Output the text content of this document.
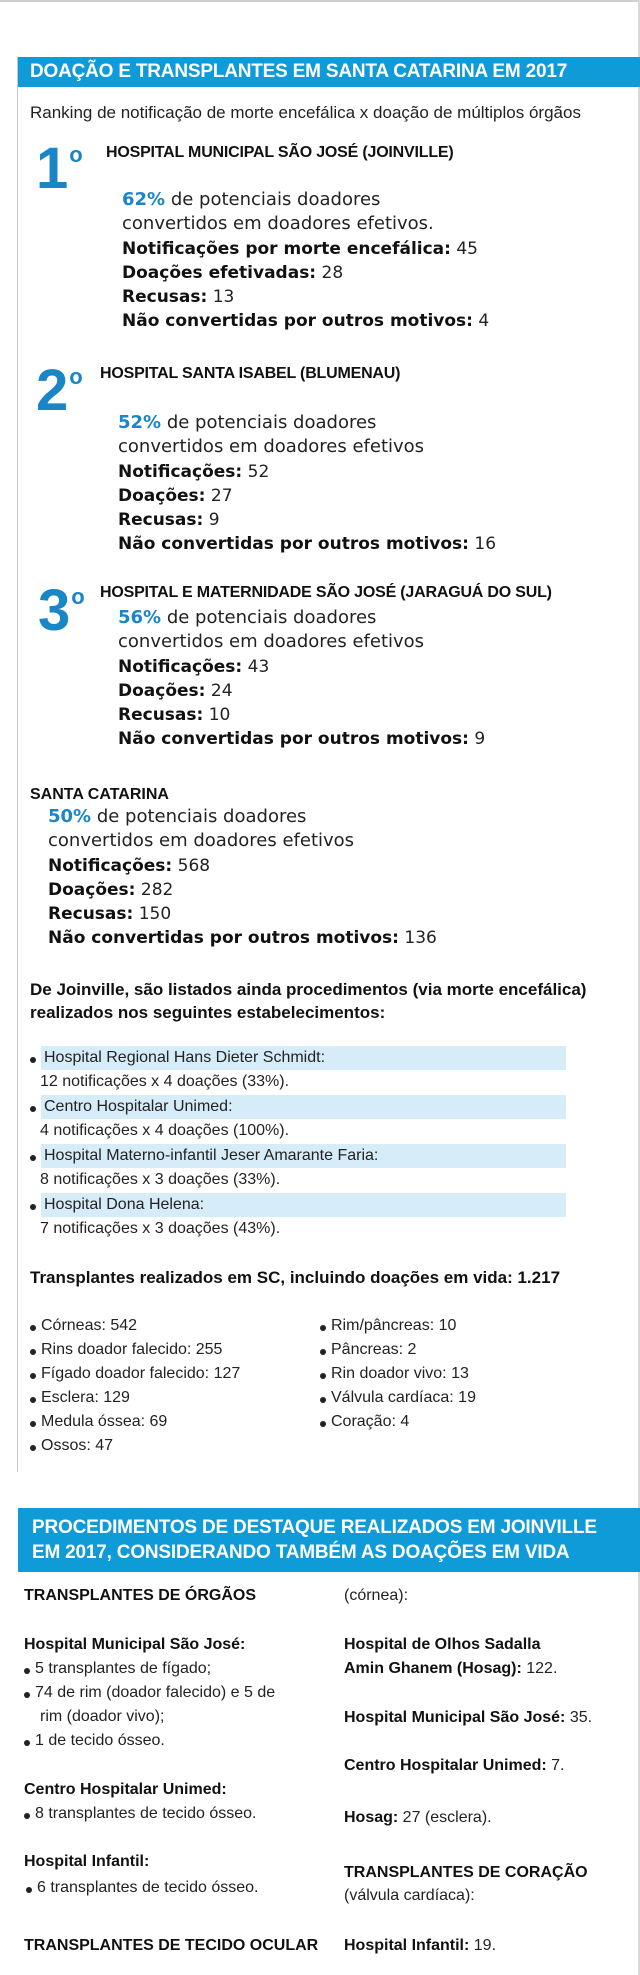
DOAÇÃO E TRANSPLANTES EM SANTA CATARINA EM 2017
Ranking de notificação de morte encefálica x doação de múltiplos órgãos
1 $^o$ HOSPITAL MUNICIPAL SÃO JOSÉ (JOINVILLE)
62% de potenciais doadores
convertidos em doadores efetivos.
Notificações por morte encefálica: 45
Doações efetivadas: 28
Recusas: 13
Não convertidas por outros motivos: 4
2 $^o$ HOSPITAL SANTA ISABEL (BLUMENAU)
52% de potenciais doadores
convertidos em doadores efetivos
Notificações: 52
Doações: 27
Recusas: 9
Não convertidas por outros motivos: 16
3 $^o$ HOSPITAL E MATERNIDADE SÃO JOSÉ (JARAGUÁ DO SUL)
56% de potenciais doadores
convertidos em doadores efetivos
Notificações: 43
Doações: 24
Recusas: 10
Não convertidas por outros motivos: 9
SANTA CATARINA
50% de potenciais doadores
convertidos em doadores efetivos
Notificações: 568
Doações: 282
Recusas: 150
Não convertidas por outros motivos: 136
De Joinville, são listados ainda procedimentos (via morte encefálica)
realizados nos seguintes estabelecimentos:
Hospital Regional Hans Dieter Schmidt:
12 notificações x 4 doações (33%).
Centro Hospitalar Unimed:
4 notificações x 4 doações (100%).
Hospital Materno-infantil Jeser Amarante Faria:
8 notificações x 3 doações (33%).
Hospital Dona Helena:
7 notificações x 3 doações (43%).
Transplantes realizados em SC, incluindo doações em vida: 1.217
Córneas: 542
Rins doador falecido: 255
Fígado doador falecido: 127
Esclera: 129
Medula óssea: 69
Ossos: 47
Rim/pâncreas: 10
Pâncreas: 2
Rin doador vivo: 13
Válvula cardíaca: 19
Coração: 4
PROCEDIMENTOS DE DESTAQUE REALIZADOS EM JOINVILLE
EM 2017, CONSIDERANDO TAMBÉM AS DOAÇÕES EM VIDA
TRANSPLANTES DE ÓRGÃOS
Hospital Municipal São José:
5 transplantes de fígado;
74 de rim (doador falecido) e 5 de
rim (doador vivo);
1 de tecido ósseo.
Centro Hospitalar Unimed:
8 transplantes de tecido ósseo.
Hospital Infantil:
6 transplantes de tecido ósseo.
TRANSPLANTES DE TECIDO OCULAR
(córnea):
Hospital de Olhos Sadalla
Amin Ghanem (Hosag): 122.
Hospital Municipal São José: 35.
Centro Hospitalar Unimed: 7.
Hosag: 27 (esclera).
TRANSPLANTES DE CORAÇÃO
(válvula cardíaca):
Hospital Infantil: 19.
